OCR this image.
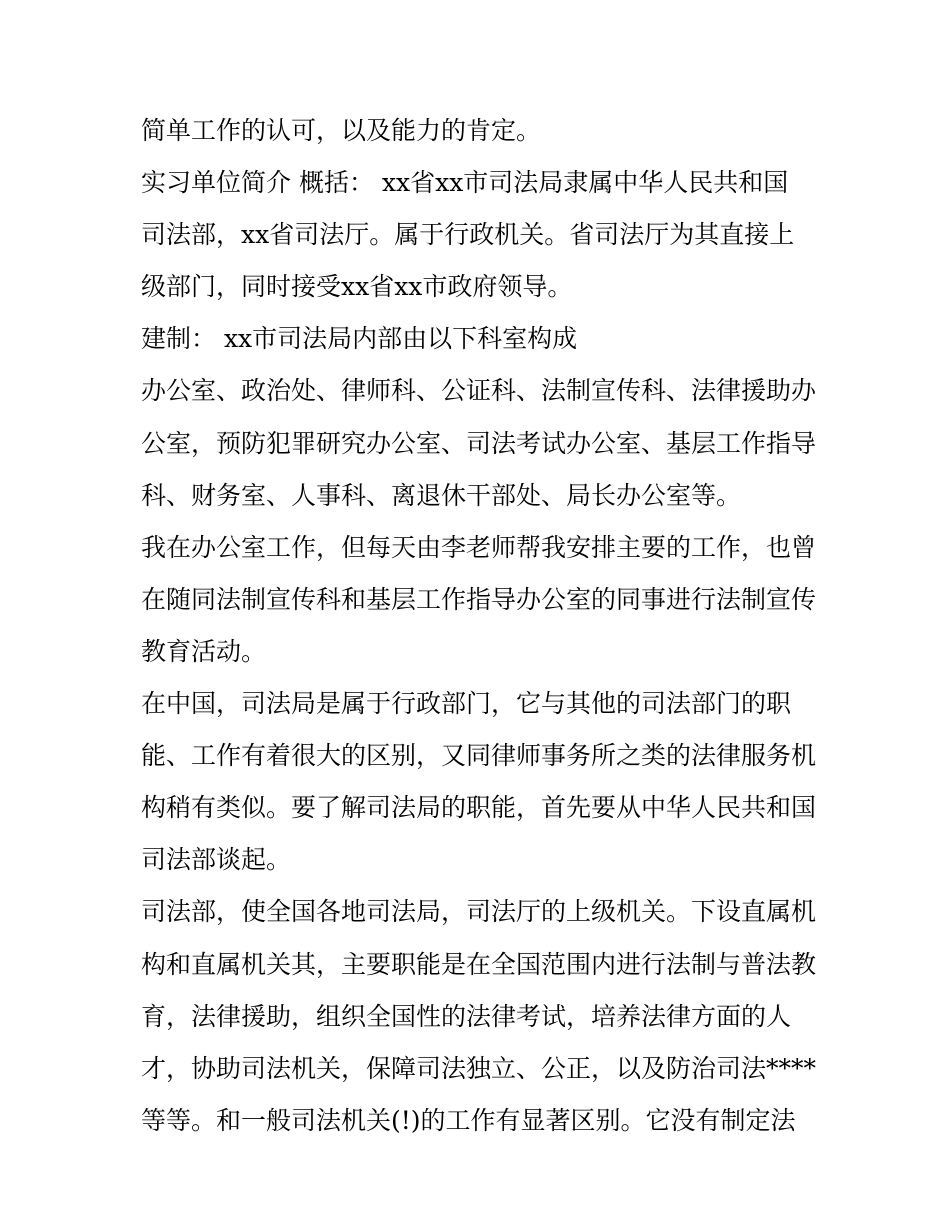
简单工作的认可，以及能力的肯定。
实习单位简介 概括： xx省xx市司法局隶属中华人民共和国
司法部，xx省司法厅。属于行政机关。省司法厅为其直接上
级部门，同时接受xx省xx市政府领导。
建制： xx市司法局内部由以下科室构成
办公室、政治处、律师科、公证科、法制宣传科、法律援助办
公室，预防犯罪研究办公室、司法考试办公室、基层工作指导
科、财务室、人事科、离退休干部处、局长办公室等。
我在办公室工作，但每天由李老师帮我安排主要的工作，也曾
在随同法制宣传科和基层工作指导办公室的同事进行法制宣传
教育活动。
在中国，司法局是属于行政部门，它与其他的司法部门的职
能、工作有着很大的区别，又同律师事务所之类的法律服务机
构稍有类似。要了解司法局的职能，首先要从中华人民共和国
司法部谈起。
司法部，使全国各地司法局，司法厅的上级机关。下设直属机
构和直属机关其，主要职能是在全国范围内进行法制与普法教
育，法律援助，组织全国性的法律考试，培养法律方面的人
才，协助司法机关，保障司法独立、公正，以及防治司法****
等等。和一般司法机关(!)的工作有显著区别。它没有制定法
